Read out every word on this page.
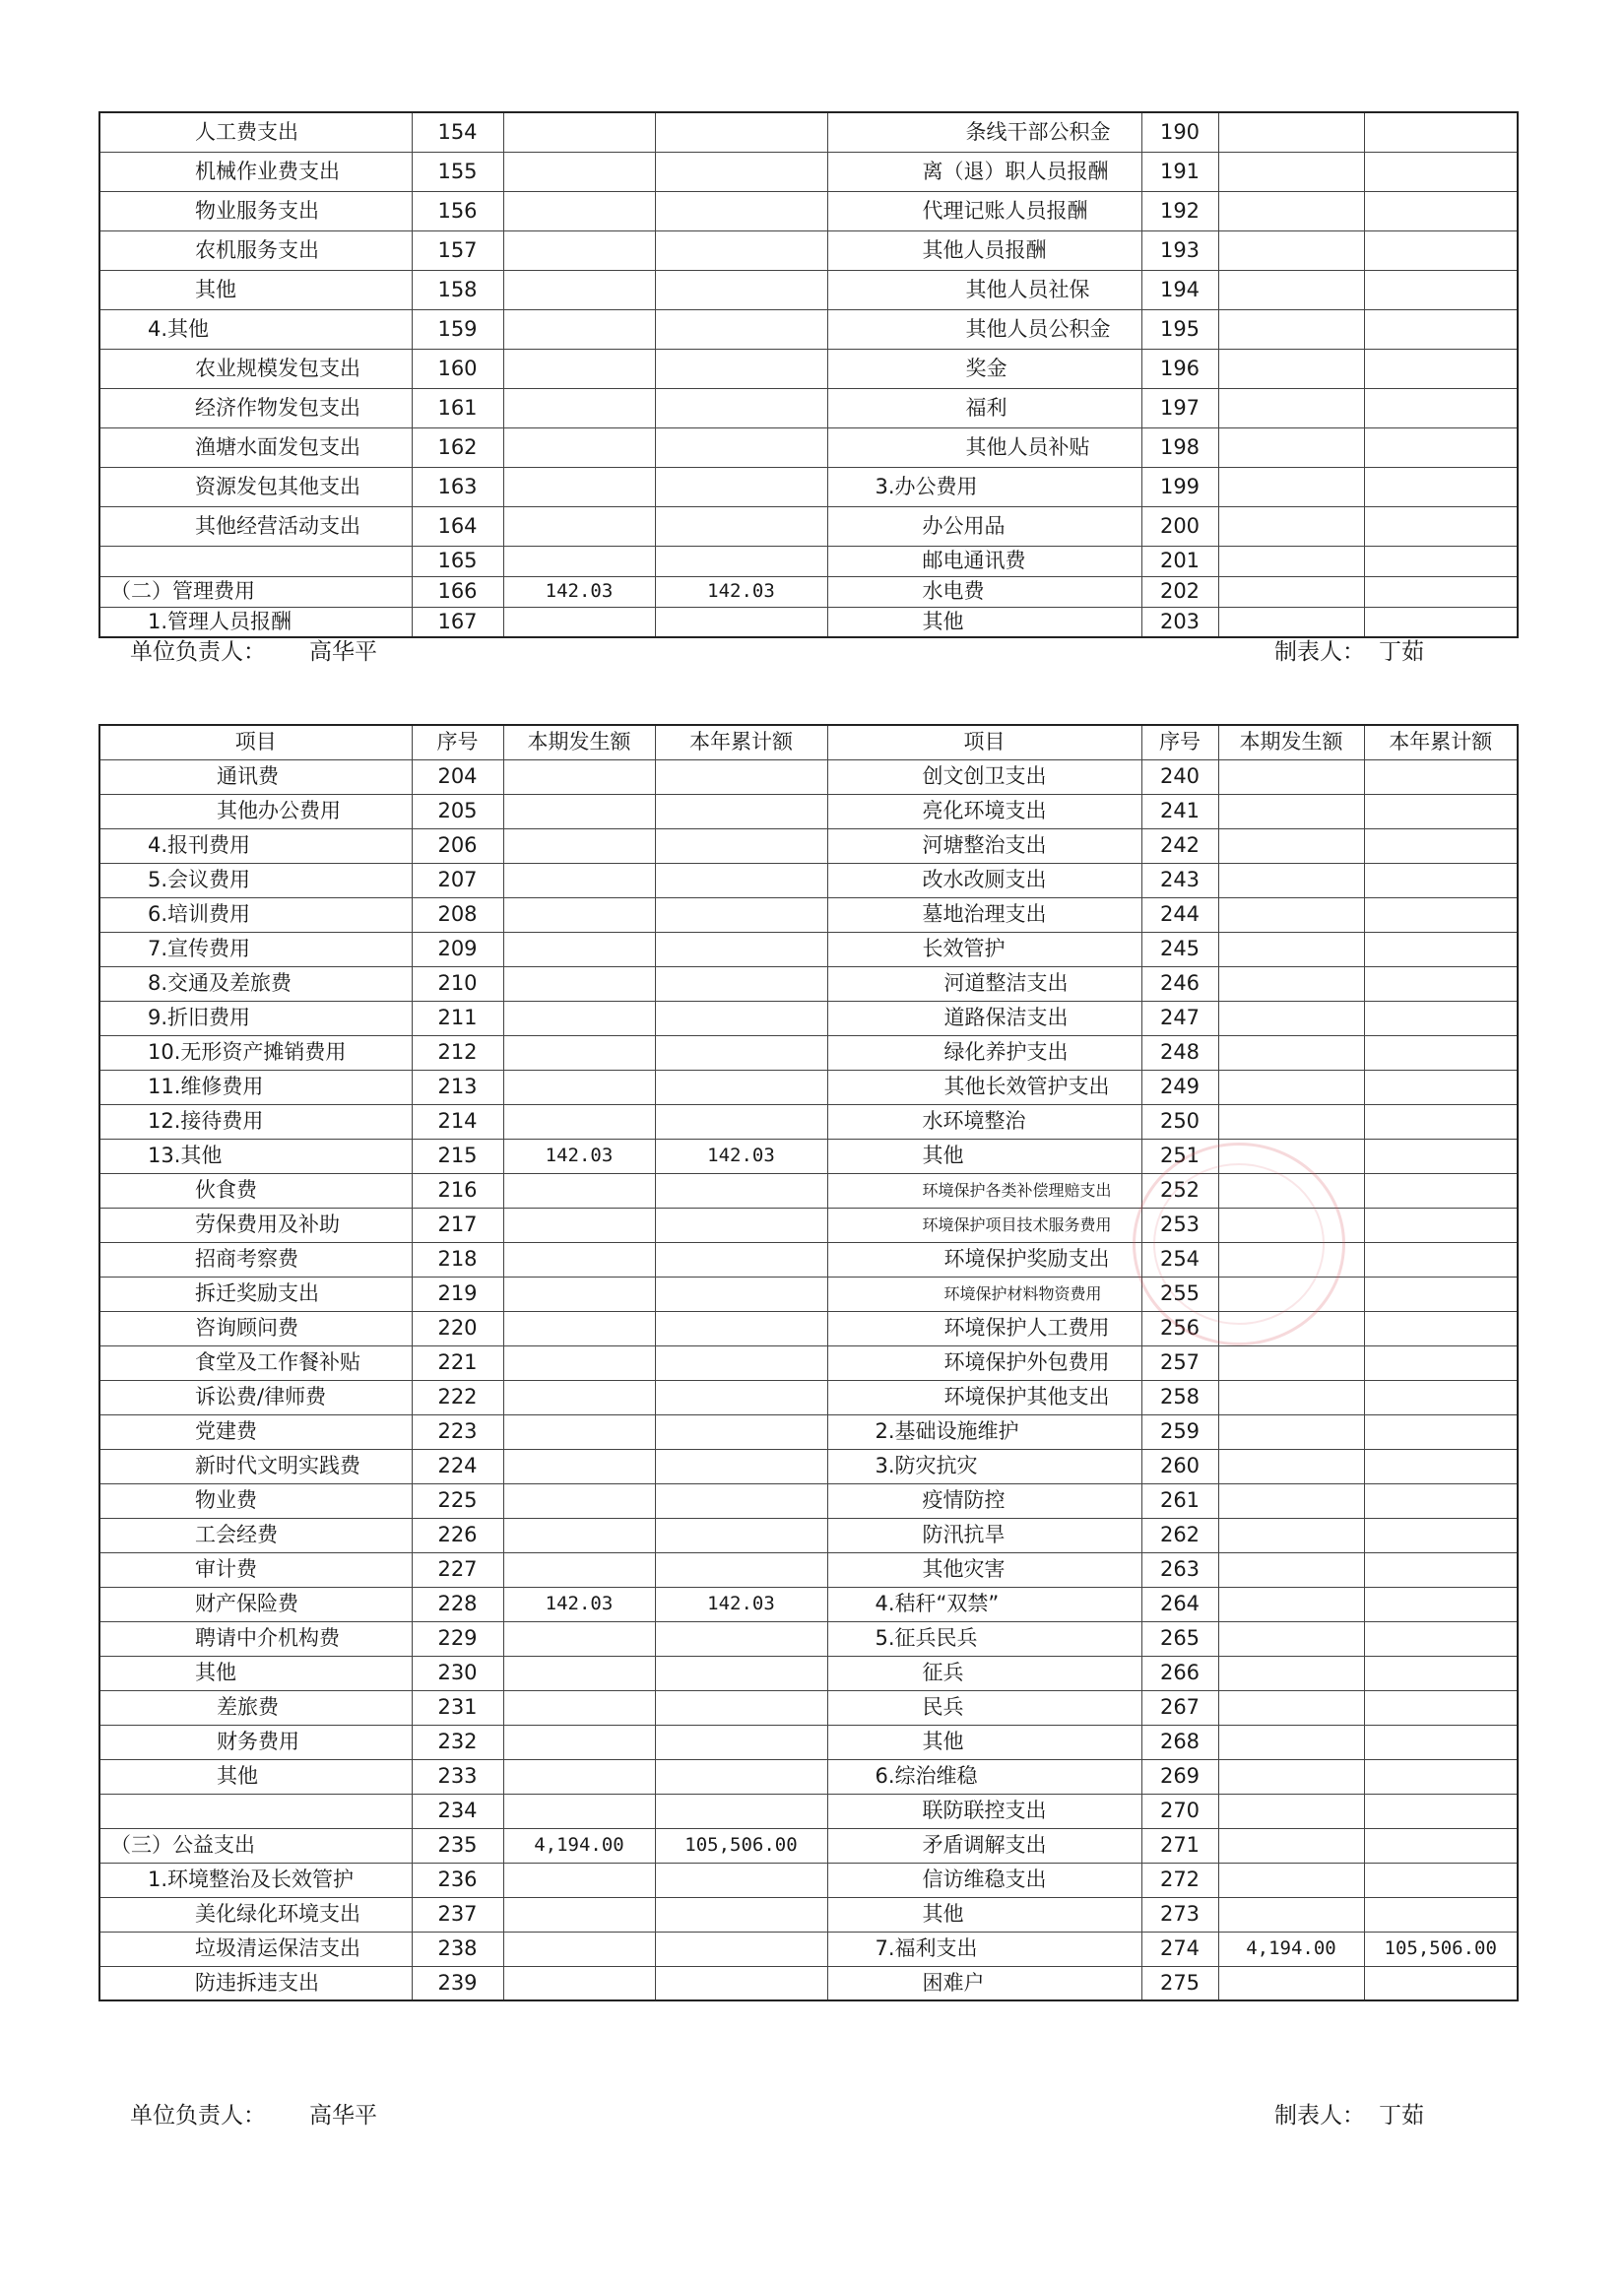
人工费支出	154			条线干部公积金	190		
机械作业费支出	155			离（退）职人员报酬	191		
物业服务支出	156			代理记账人员报酬	192		
农机服务支出	157			其他人员报酬	193		
其他	158			其他人员社保	194		
4.其他	159			其他人员公积金	195		
农业规模发包支出	160			奖金	196		
经济作物发包支出	161			福利	197		
渔塘水面发包支出	162			其他人员补贴	198		
资源发包其他支出	163			3.办公费用	199		
其他经营活动支出	164			办公用品	200		
	165			邮电通讯费	201		
（二）管理费用	166	142.03	142.03	水电费	202		
1.管理人员报酬	167			其他	203		
单位负责人： 高华平	制表人： 丁茹
项目	序号	本期发生额	本年累计额	项目	序号	本期发生额	本年累计额
通讯费	204			创文创卫支出	240		
其他办公费用	205			亮化环境支出	241		
4.报刊费用	206			河塘整治支出	242		
5.会议费用	207			改水改厕支出	243		
6.培训费用	208			墓地治理支出	244		
7.宣传费用	209			长效管护	245		
8.交通及差旅费	210			河道整洁支出	246		
9.折旧费用	211			道路保洁支出	247		
10.无形资产摊销费用	212			绿化养护支出	248		
11.维修费用	213			其他长效管护支出	249		
12.接待费用	214			水环境整治	250		
13.其他	215	142.03	142.03	其他	251		
伙食费	216			环境保护各类补偿理赔支出	252		
劳保费用及补助	217			环境保护项目技术服务费用	253		
招商考察费	218			环境保护奖励支出	254		
拆迁奖励支出	219			环境保护材料物资费用	255		
咨询顾问费	220			环境保护人工费用	256		
食堂及工作餐补贴	221			环境保护外包费用	257		
诉讼费/律师费	222			环境保护其他支出	258		
党建费	223			2.基础设施维护	259		
新时代文明实践费	224			3.防灾抗灾	260		
物业费	225			疫情防控	261		
工会经费	226			防汛抗旱	262		
审计费	227			其他灾害	263		
财产保险费	228	142.03	142.03	4.秸秆“双禁”	264		
聘请中介机构费	229			5.征兵民兵	265		
其他	230			征兵	266		
差旅费	231			民兵	267		
财务费用	232			其他	268		
其他	233			6.综治维稳	269		
	234			联防联控支出	270		
（三）公益支出	235	4,194.00	105,506.00	矛盾调解支出	271		
1.环境整治及长效管护	236			信访维稳支出	272		
美化绿化环境支出	237			其他	273		
垃圾清运保洁支出	238			7.福利支出	274	4,194.00	105,506.00
防违拆违支出	239			困难户	275		
单位负责人： 高华平	制表人： 丁茹
